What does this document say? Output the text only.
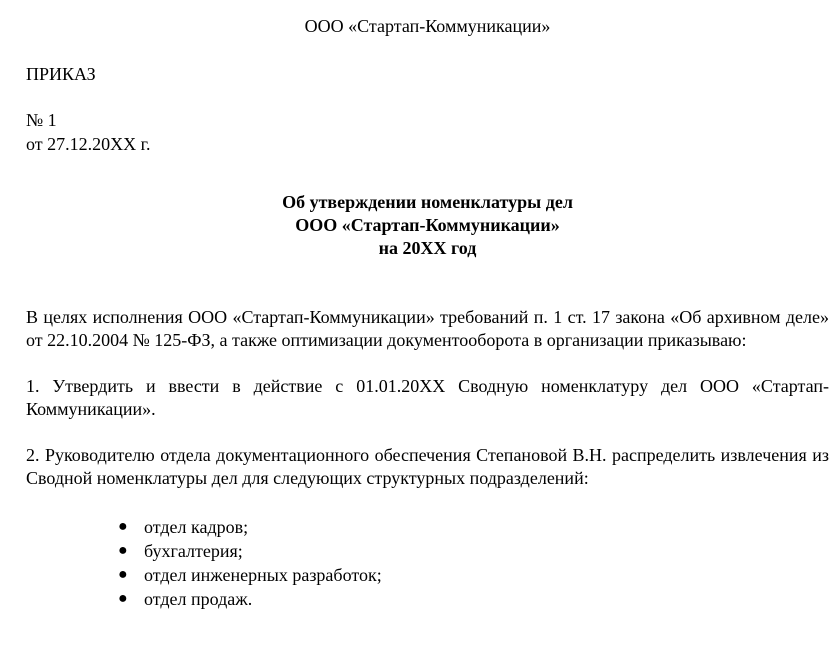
ООО «Стартап-Коммуникации»
ПРИКАЗ
№ 1
от 27.12.20ХХ г.
Об утверждении номенклатуры дел
ООО «Стартап-Коммуникации»
на 20ХХ год
В целях исполнения ООО «Стартап-Коммуникации» требований п. 1 ст. 17 закона «Об архивном деле» от 22.10.2004 № 125-ФЗ, а также оптимизации документооборота в организации приказываю:
1. Утвердить и ввести в действие с 01.01.20ХХ Сводную номенклатуру дел ООО «Стартап-Коммуникации».
2. Руководителю отдела документационного обеспечения Степановой В.Н. распределить извлечения из Сводной номенклатуры дел для следующих структурных подразделений:
● отдел кадров;
● бухгалтерия;
● отдел инженерных разработок;
● отдел продаж.
